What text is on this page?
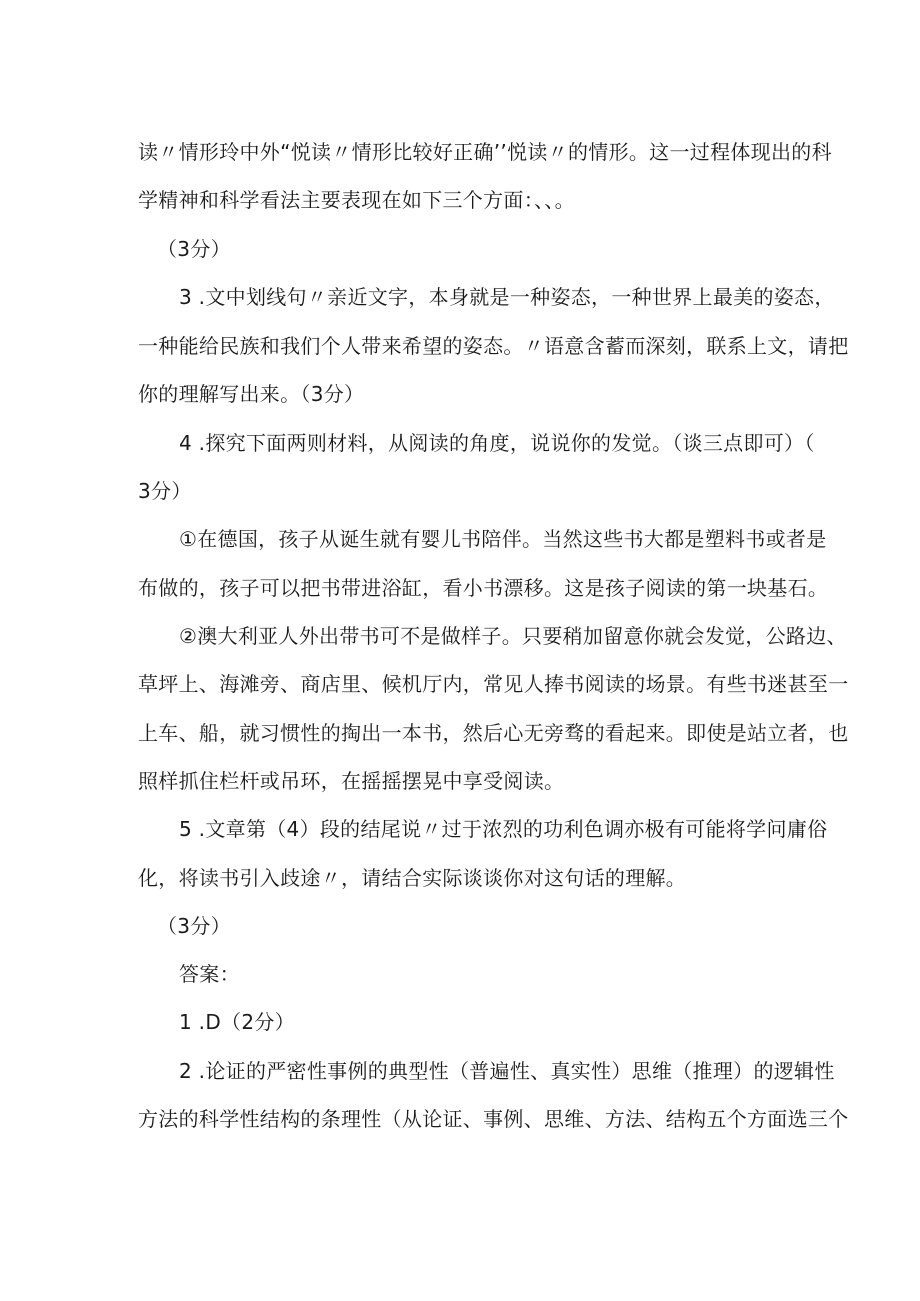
读〃情形玲中外“悦读〃情形比较好正确’’悦读〃的情形。这一过程体现出的科
学精神和科学看法主要表现在如下三个方面：、、。
（3分）
3 .文中划线句〃亲近文字，本身就是一种姿态，一种世界上最美的姿态，
一种能给民族和我们个人带来希望的姿态。〃语意含蓄而深刻，联系上文，请把
你的理解写出来。（3分）
4 .探究下面两则材料，从阅读的角度，说说你的发觉。（谈三点即可）（
3分）
①在德国，孩子从诞生就有婴儿书陪伴。当然这些书大都是塑料书或者是
布做的，孩子可以把书带进浴缸，看小书漂移。这是孩子阅读的第一块基石。
②澳大利亚人外出带书可不是做样子。只要稍加留意你就会发觉，公路边、
草坪上、海滩旁、商店里、候机厅内，常见人捧书阅读的场景。有些书迷甚至一
上车、船，就习惯性的掏出一本书，然后心无旁骛的看起来。即使是站立者，也
照样抓住栏杆或吊环，在摇摇摆晃中享受阅读。
5 .文章第（4）段的结尾说〃过于浓烈的功利色调亦极有可能将学问庸俗
化，将读书引入歧途〃，请结合实际谈谈你对这句话的理解。
（3分）
答案：
1 .D（2分）
2 .论证的严密性事例的典型性（普遍性、真实性）思维（推理）的逻辑性
方法的科学性结构的条理性（从论证、事例、思维、方法、结构五个方面选三个
